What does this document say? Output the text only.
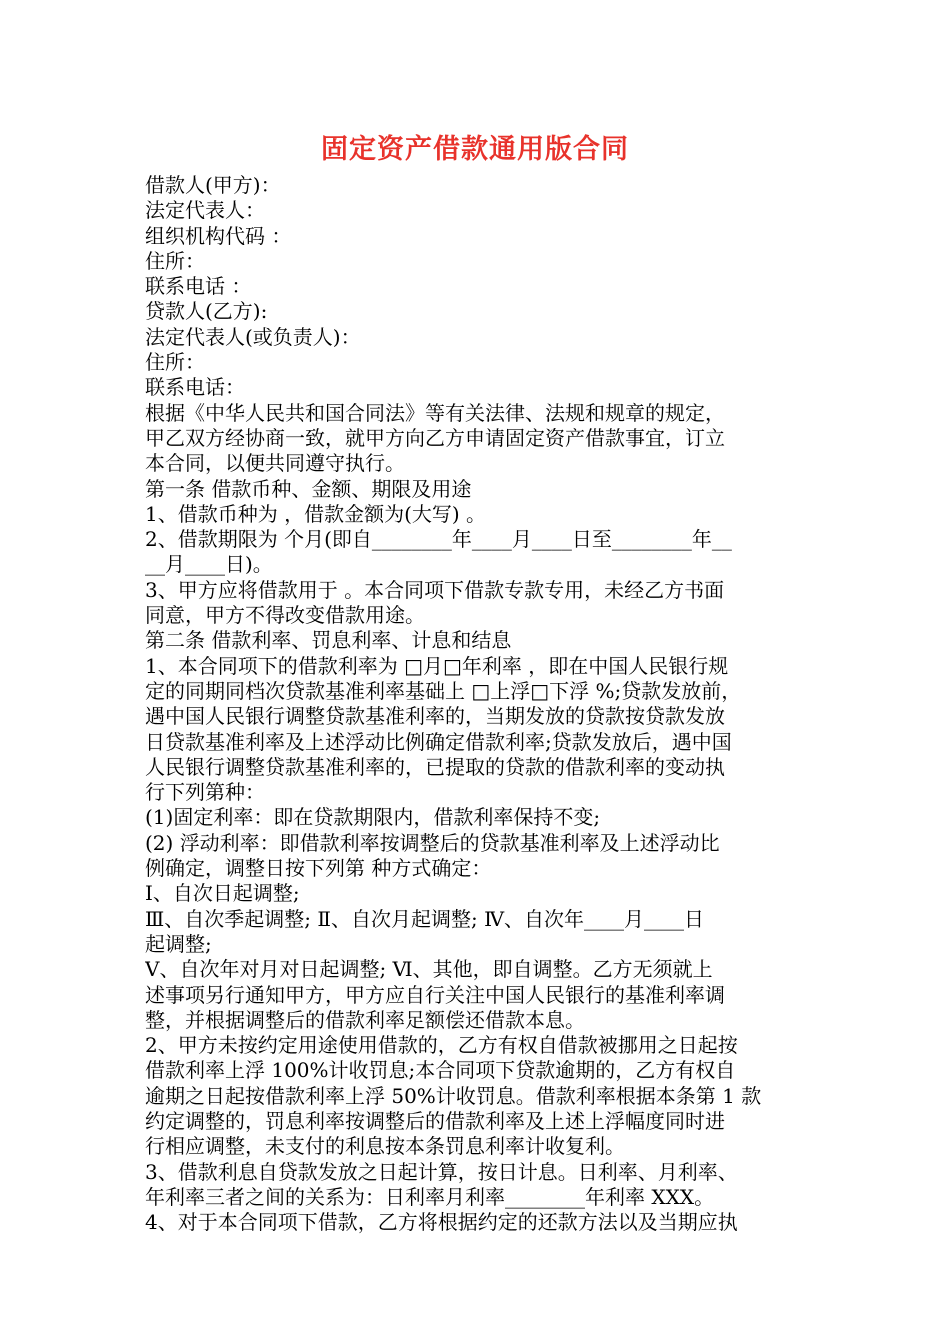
固定资产借款通用版合同
借款人(甲方)：
法定代表人：
组织机构代码 ：
住所：
联系电话 ：
贷款人(乙方):
法定代表人(或负责人)：
住所：
联系电话：
根据《中华人民共和国合同法》等有关法律、法规和规章的规定，
甲乙双方经协商一致，就甲方向乙方申请固定资产借款事宜，订立
本合同，以便共同遵守执行。
第一条 借款币种、金额、期限及用途
1、借款币种为 ，借款金额为(大写) 。
2、借款期限为 个月(即自________年____月____日至________年__
__月____日)。
3、甲方应将借款用于 。本合同项下借款专款专用，未经乙方书面
同意，甲方不得改变借款用途。
第二条 借款利率、罚息利率、计息和结息
1、本合同项下的借款利率为 □月□年利率 ，即在中国人民银行规
定的同期同档次贷款基准利率基础上 □上浮□下浮 %;贷款发放前，
遇中国人民银行调整贷款基准利率的，当期发放的贷款按贷款发放
日贷款基准利率及上述浮动比例确定借款利率;贷款发放后，遇中国
人民银行调整贷款基准利率的，已提取的贷款的借款利率的变动执
行下列第种：
(1)固定利率：即在贷款期限内，借款利率保持不变;
(2) 浮动利率：即借款利率按调整后的贷款基准利率及上述浮动比
例确定，调整日按下列第 种方式确定：
Ⅰ、自次日起调整;
Ⅲ、自次季起调整; Ⅱ、自次月起调整; Ⅳ、自次年____月____日
起调整;
Ⅴ、自次年对月对日起调整; Ⅵ、其他，即自调整。乙方无须就上
述事项另行通知甲方，甲方应自行关注中国人民银行的基准利率调
整，并根据调整后的借款利率足额偿还借款本息。
2、甲方未按约定用途使用借款的，乙方有权自借款被挪用之日起按
借款利率上浮 100%计收罚息;本合同项下贷款逾期的，乙方有权自
逾期之日起按借款利率上浮 50%计收罚息。借款利率根据本条第 1 款
约定调整的，罚息利率按调整后的借款利率及上述上浮幅度同时进
行相应调整，未支付的利息按本条罚息利率计收复利。
3、借款利息自贷款发放之日起计算，按日计息。日利率、月利率、
年利率三者之间的关系为：日利率月利率________年利率 XXX。
4、对于本合同项下借款，乙方将根据约定的还款方法以及当期应执
